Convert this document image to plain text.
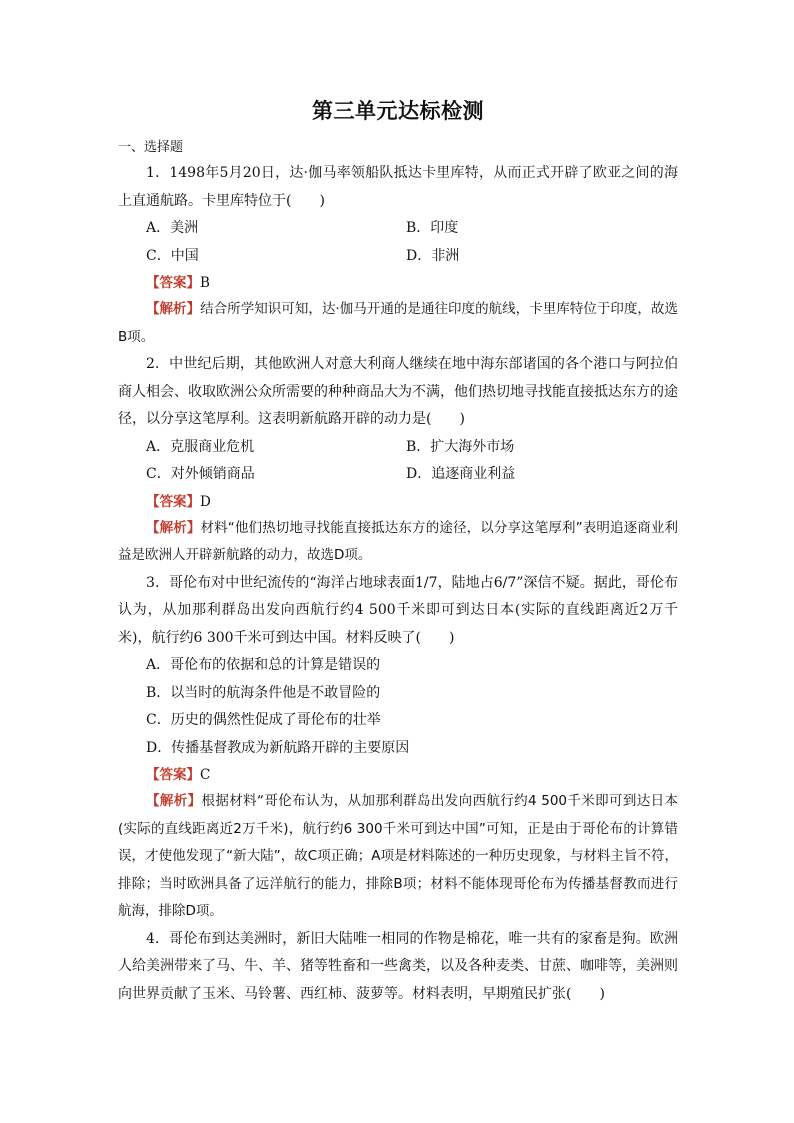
第三单元达标检测

一、选择题

1．1498年5月20日，达·伽马率领船队抵达卡里库特，从而正式开辟了欧亚之间的海上直通航路。卡里库特位于(　　)

A．美洲	B．印度
C．中国	D．非洲

【答案】B

【解析】结合所学知识可知，达·伽马开通的是通往印度的航线，卡里库特位于印度，故选B项。

2．中世纪后期，其他欧洲人对意大利商人继续在地中海东部诸国的各个港口与阿拉伯商人相会、收取欧洲公众所需要的种种商品大为不满，他们热切地寻找能直接抵达东方的途径，以分享这笔厚利。这表明新航路开辟的动力是(　　)

A．克服商业危机	B．扩大海外市场
C．对外倾销商品	D．追逐商业利益

【答案】D

【解析】材料“他们热切地寻找能直接抵达东方的途径，以分享这笔厚利”表明追逐商业利益是欧洲人开辟新航路的动力，故选D项。

3．哥伦布对中世纪流传的“海洋占地球表面1/7，陆地占6/7”深信不疑。据此，哥伦布认为，从加那利群岛出发向西航行约4 500千米即可到达日本(实际的直线距离近2万千米)，航行约6 300千米可到达中国。材料反映了(　　)

A．哥伦布的依据和总的计算是错误的
B．以当时的航海条件他是不敢冒险的
C．历史的偶然性促成了哥伦布的壮举
D．传播基督教成为新航路开辟的主要原因

【答案】C

【解析】根据材料“哥伦布认为，从加那利群岛出发向西航行约4 500千米即可到达日本(实际的直线距离近2万千米)，航行约6 300千米可到达中国”可知，正是由于哥伦布的计算错误，才使他发现了“新大陆”，故C项正确；A项是材料陈述的一种历史现象，与材料主旨不符，排除；当时欧洲具备了远洋航行的能力，排除B项；材料不能体现哥伦布为传播基督教而进行航海，排除D项。

4．哥伦布到达美洲时，新旧大陆唯一相同的作物是棉花，唯一共有的家畜是狗。欧洲人给美洲带来了马、牛、羊、猪等牲畜和一些禽类，以及各种麦类、甘蔗、咖啡等，美洲则向世界贡献了玉米、马铃薯、西红柿、菠萝等。材料表明，早期殖民扩张(　　)
